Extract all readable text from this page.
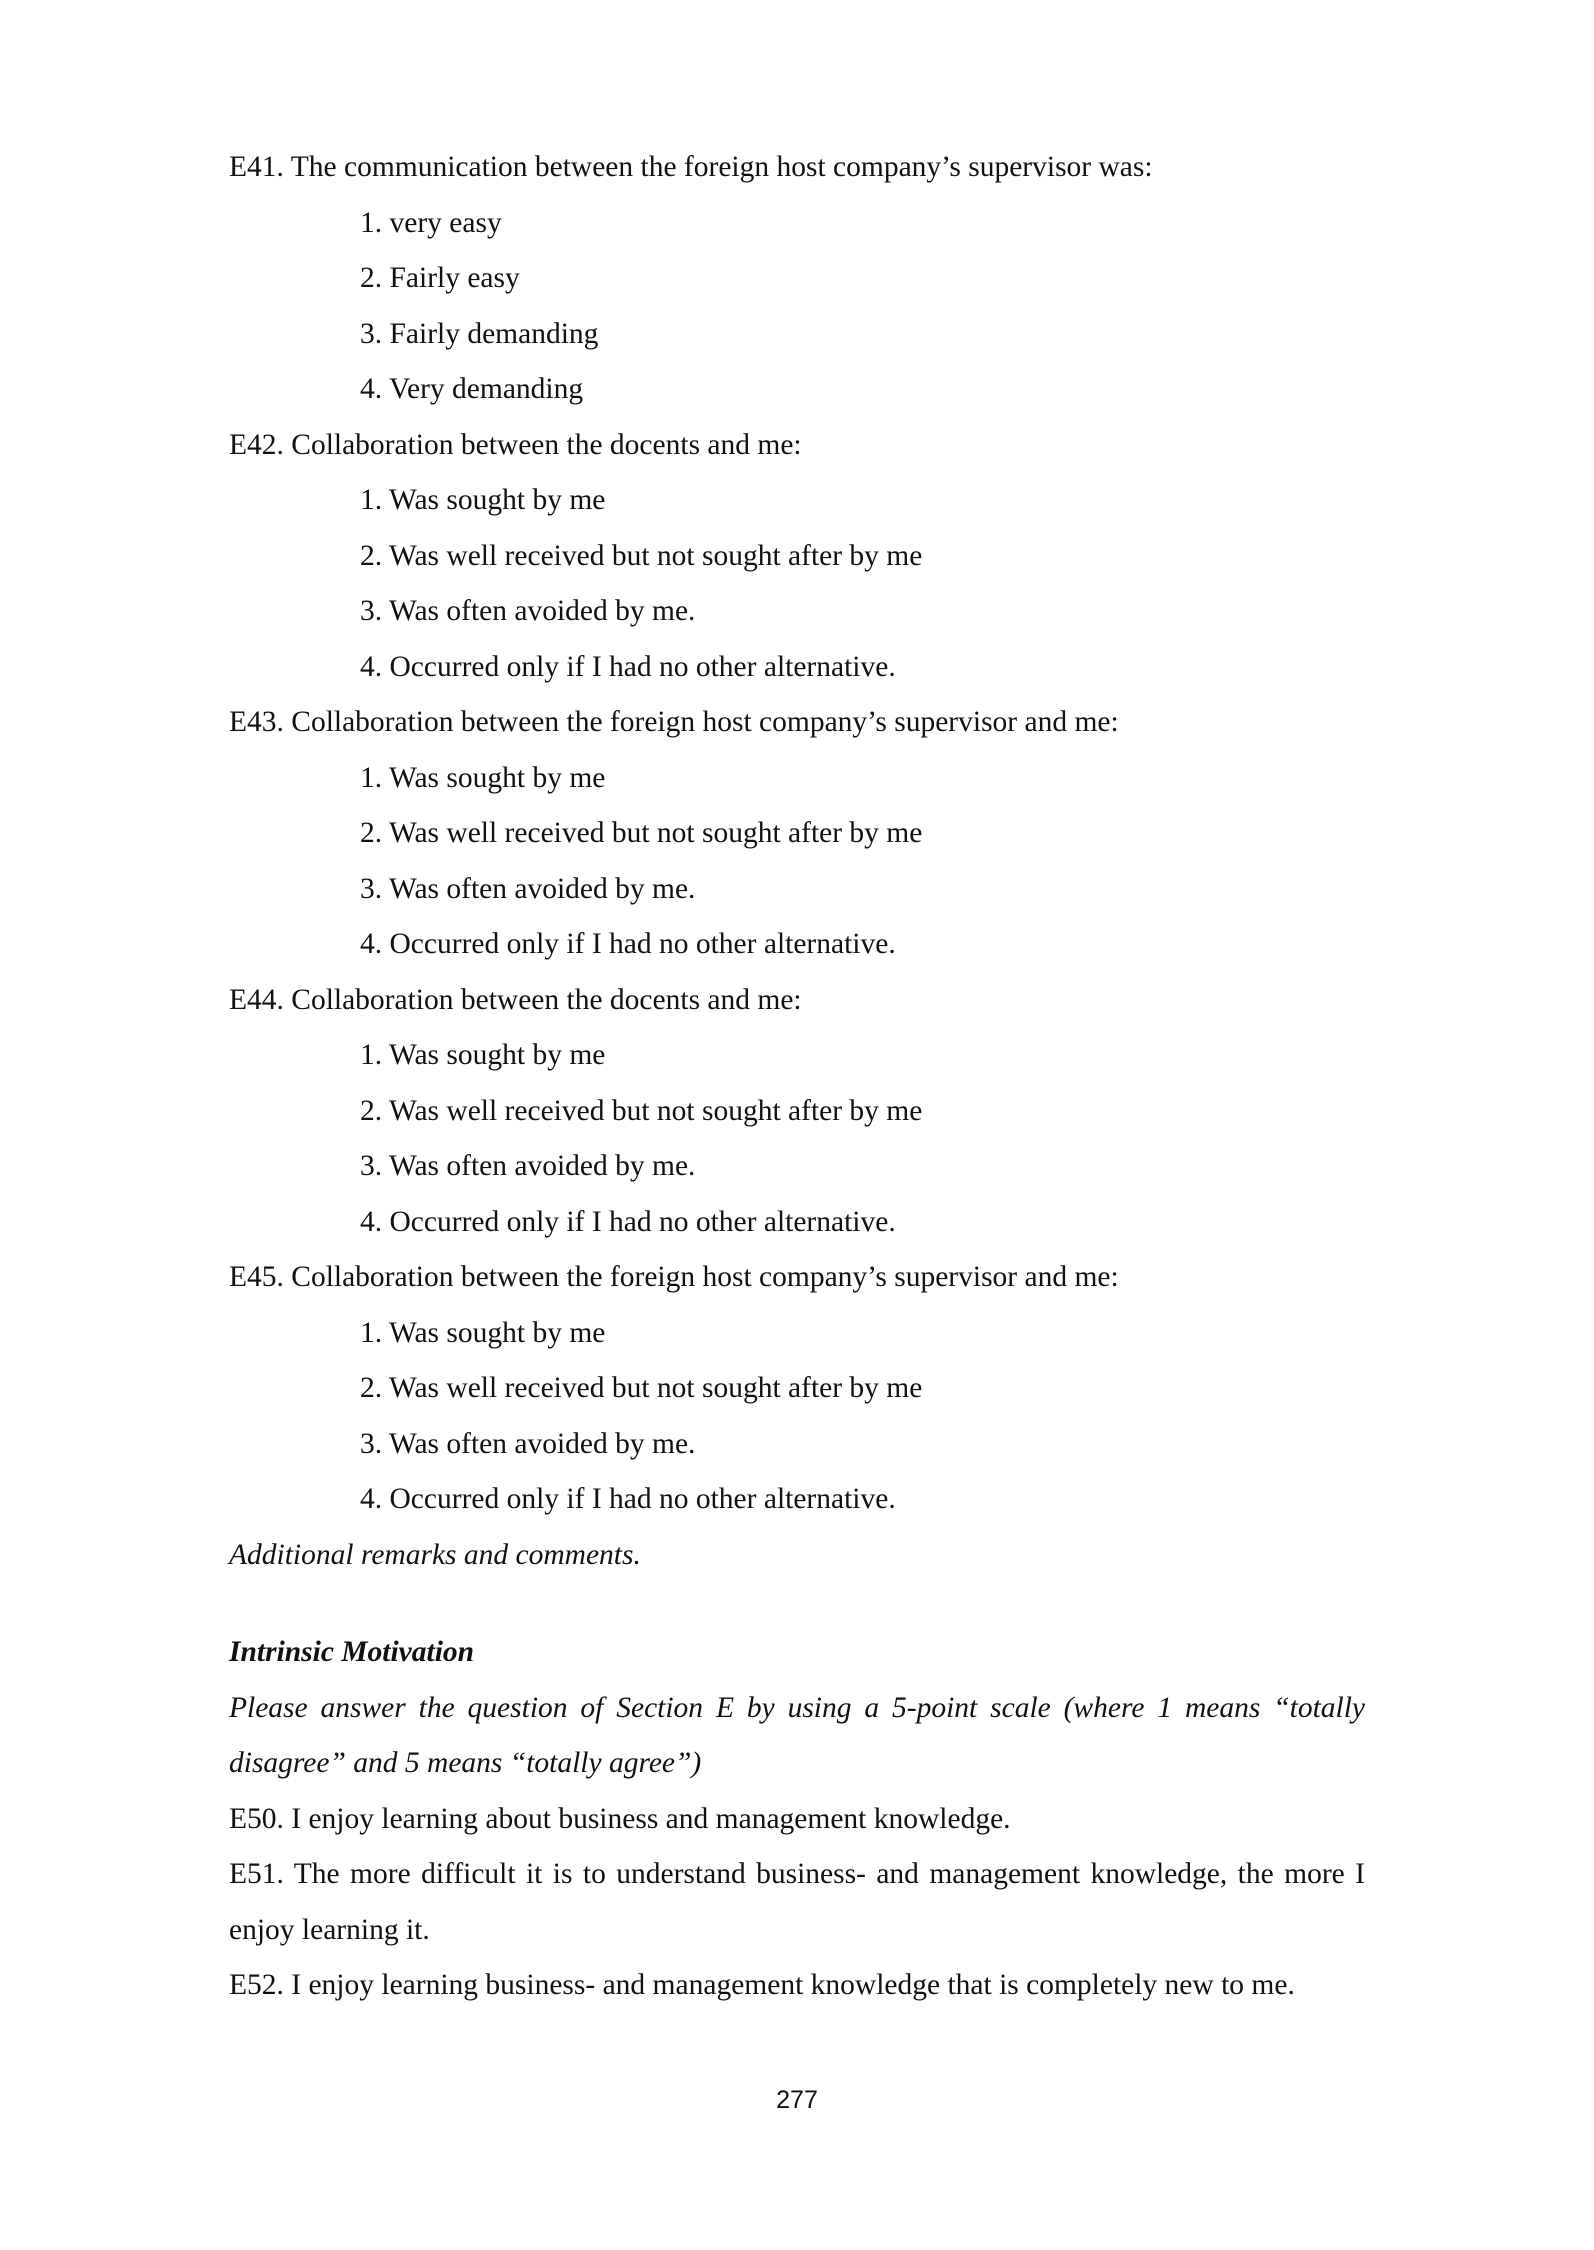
E41. The communication between the foreign host company’s supervisor was:

1. very easy

2. Fairly easy

3. Fairly demanding

4. Very demanding

E42. Collaboration between the docents and me:

1. Was sought by me

2. Was well received but not sought after by me

3. Was often avoided by me.

4. Occurred only if I had no other alternative.

E43. Collaboration between the foreign host company’s supervisor and me:

1. Was sought by me

2. Was well received but not sought after by me

3. Was often avoided by me.

4. Occurred only if I had no other alternative.

E44. Collaboration between the docents and me:

1. Was sought by me

2. Was well received but not sought after by me

3. Was often avoided by me.

4. Occurred only if I had no other alternative.

E45. Collaboration between the foreign host company’s supervisor and me:

1. Was sought by me

2. Was well received but not sought after by me

3. Was often avoided by me.

4. Occurred only if I had no other alternative.

Additional remarks and comments.

Intrinsic Motivation

Please answer the question of Section E by using a 5-point scale (where 1 means “totally disagree” and 5 means “totally agree”)

E50. I enjoy learning about business and management knowledge.

E51. The more difficult it is to understand business- and management knowledge, the more I enjoy learning it.

E52. I enjoy learning business- and management knowledge that is completely new to me.

277
